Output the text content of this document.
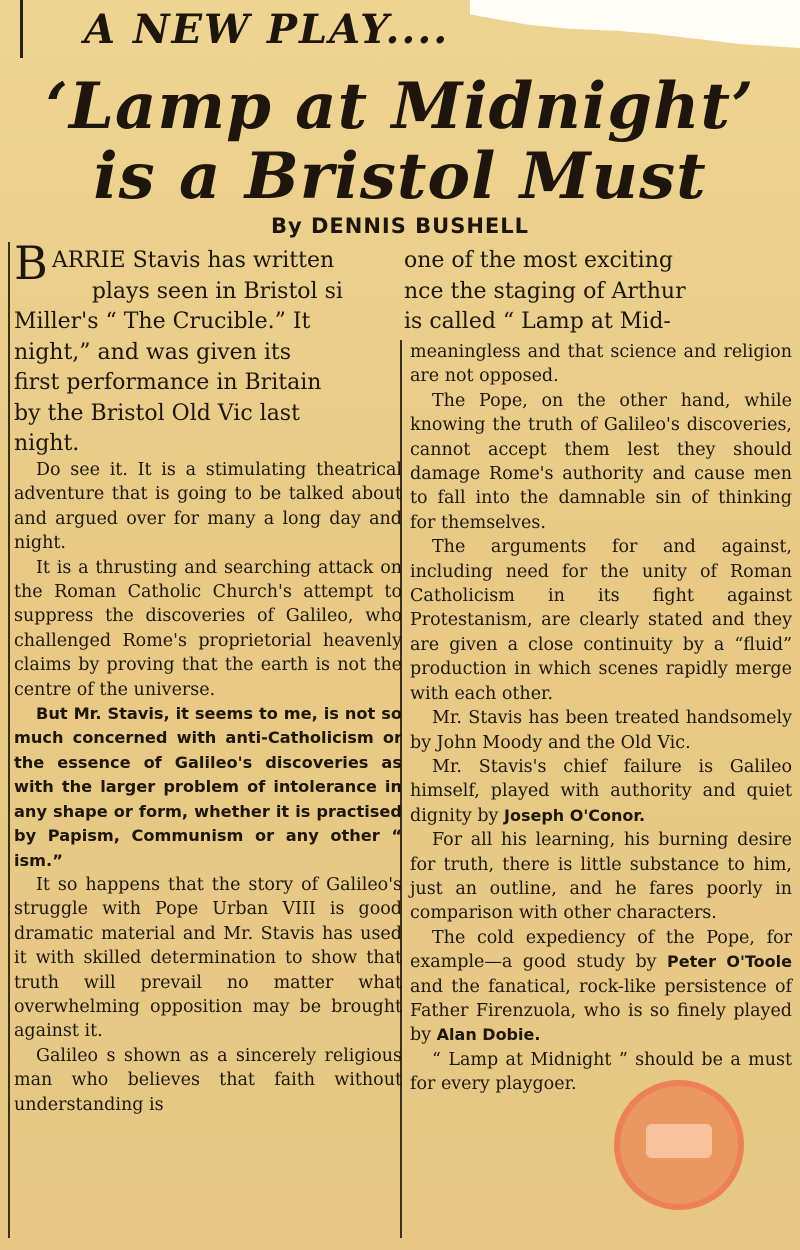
A NEW PLAY....
‘Lamp at Midnight’
is a Bristol Must
By DENNIS BUSHELL
B ARRIE Stavis has written
plays seen in Bristol si
Miller's “ The Crucible.” It
night,” and was given its
first performance in Britain
by the Bristol Old Vic last
night.
one of the most exciting
nce the staging of Arthur
is called “ Lamp at Mid-

Do see it. It is a stimulating theatrical adventure that is going to be talked about and argued over for many a long day and night.

It is a thrusting and searching attack on the Roman Catholic Church's attempt to suppress the discoveries of Galileo, who challenged Rome's proprietorial heavenly claims by proving that the earth is not the centre of the universe.

But Mr. Stavis, it seems to me, is not so much concerned with anti-Catholicism or the essence of Galileo's discoveries as with the larger problem of intolerance in any shape or form, whether it is practised by Papism, Communism or any other “ ism.”

It so happens that the story of Galileo's struggle with Pope Urban VIII is good dramatic material and Mr. Stavis has used it with skilled determination to show that truth will prevail no matter what overwhelming opposition may be brought against it.

Galileo s shown as a sincerely religious man who believes that faith without understanding is

meaningless and that science and religion are not opposed.

The Pope, on the other hand, while knowing the truth of Galileo's discoveries, cannot accept them lest they should damage Rome's authority and cause men to fall into the damnable sin of thinking for themselves.

The arguments for and against, including need for the unity of Roman Catholicism in its fight against Protestanism, are clearly stated and they are given a close continuity by a “fluid” production in which scenes rapidly merge with each other.

Mr. Stavis has been treated handsomely by John Moody and the Old Vic.

Mr. Stavis's chief failure is Galileo himself, played with authority and quiet dignity by Joseph O'Conor.

For all his learning, his burning desire for truth, there is little substance to him, just an outline, and he fares poorly in comparison with other characters.

The cold expediency of the Pope, for example—a good study by Peter O'Toole and the fanatical, rock-like persistence of Father Firenzuola, who is so finely played by Alan Dobie.

“ Lamp at Midnight ” should be a must for every playgoer.
